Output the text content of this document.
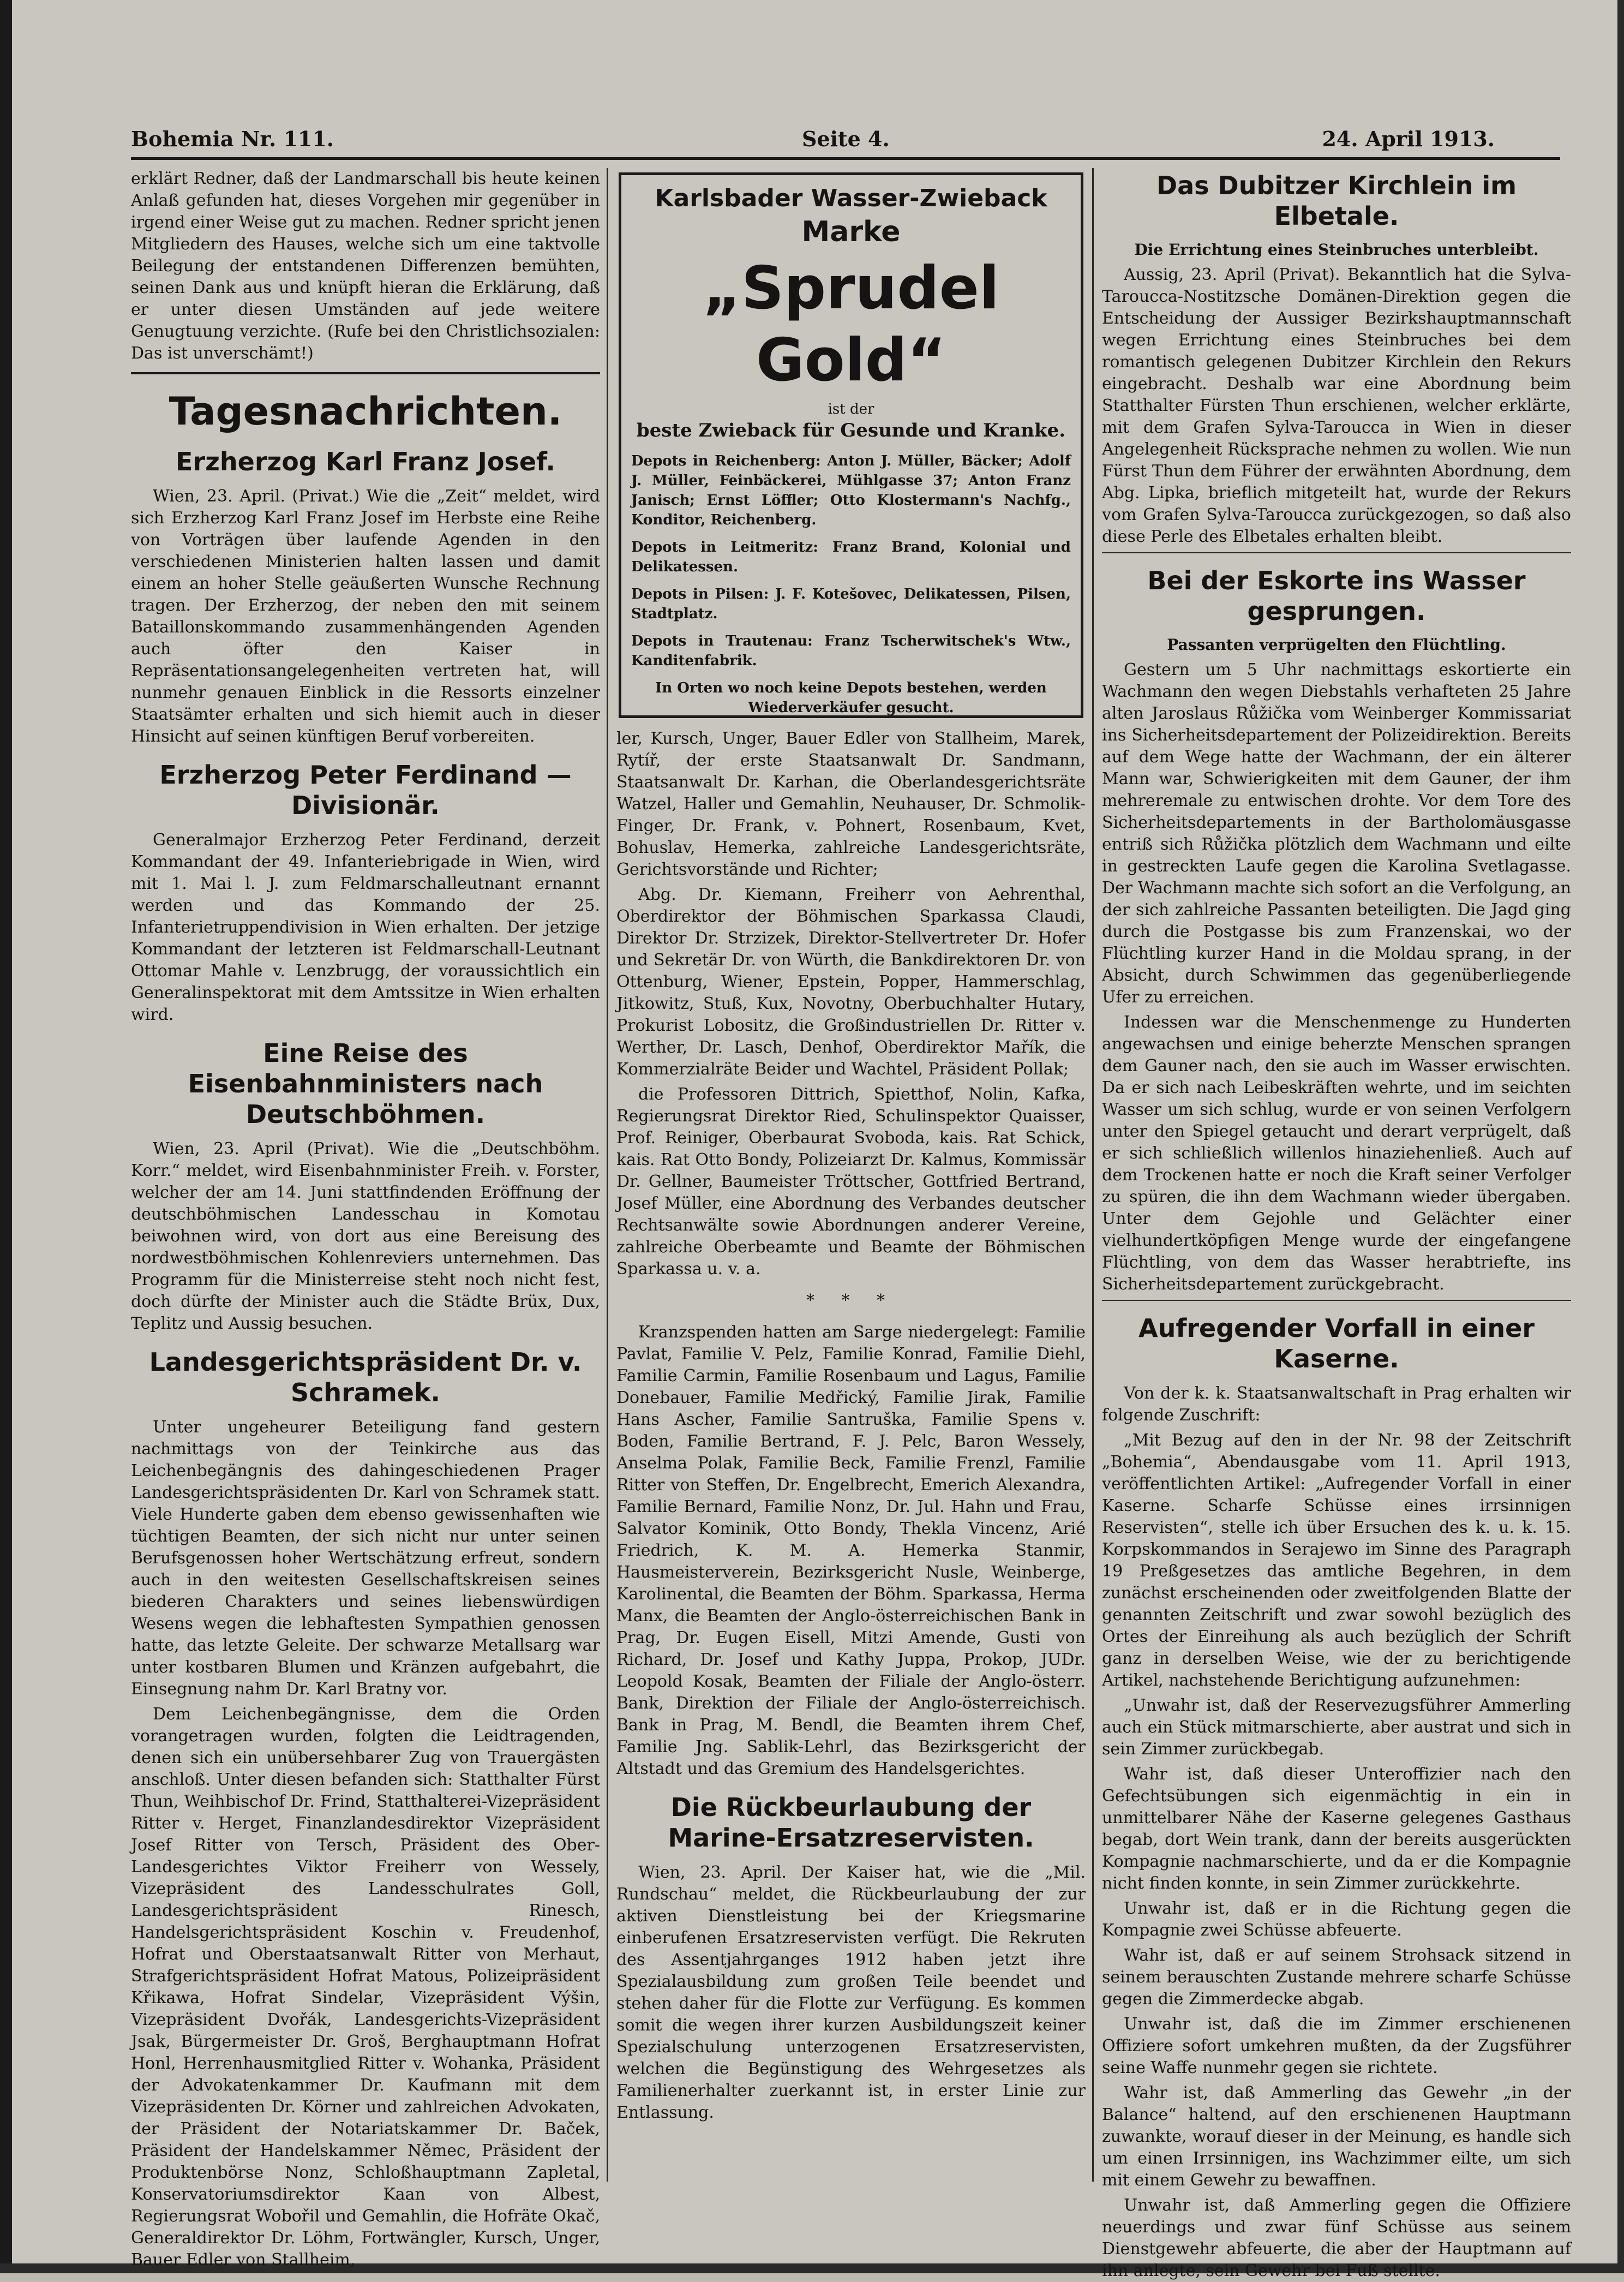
Bohemia Nr. 111.	Seite 4.	24. April 1913.

erklärt Redner, daß der Landmarschall bis heute keinen Anlaß gefunden hat, dieses Vorgehen mir gegenüber in irgend einer Weise gut zu machen. Redner spricht jenen Mitgliedern des Hauses, welche sich um eine taktvolle Beilegung der entstandenen Differenzen bemühten, seinen Dank aus und knüpft hieran die Erklärung, daß er unter diesen Umständen auf jede weitere Genugtuung verzichte. (Rufe bei den Christlichsozialen: Das ist unverschämt!)

Tagesnachrichten.
Erzherzog Karl Franz Josef.

Wien, 23. April. (Privat.) Wie die „Zeit“ meldet, wird sich Erzherzog Karl Franz Josef im Herbste eine Reihe von Vorträgen über laufende Agenden in den verschiedenen Ministerien halten lassen und damit einem an hoher Stelle geäußerten Wunsche Rechnung tragen. Der Erzherzog, der neben den mit seinem Bataillonskommando zusammenhängenden Agenden auch öfter den Kaiser in Repräsentationsangelegenheiten vertreten hat, will nunmehr genauen Einblick in die Ressorts einzelner Staatsämter erhalten und sich hiemit auch in dieser Hinsicht auf seinen künftigen Beruf vorbereiten.

Erzherzog Peter Ferdinand — Divisionär.

Generalmajor Erzherzog Peter Ferdinand, derzeit Kommandant der 49. Infanteriebrigade in Wien, wird mit 1. Mai l. J. zum Feldmarschalleutnant ernannt werden und das Kommando der 25. Infanterietruppendivision in Wien erhalten. Der jetzige Kommandant der letzteren ist Feldmarschall-Leutnant Ottomar Mahle v. Lenzbrugg, der voraussichtlich ein Generalinspektorat mit dem Amtssitze in Wien erhalten wird.

Eine Reise des Eisenbahnministers nach Deutschböhmen.

Wien, 23. April (Privat). Wie die „Deutschböhm. Korr.“ meldet, wird Eisenbahnminister Freih. v. Forster, welcher der am 14. Juni stattfindenden Eröffnung der deutschböhmischen Landesschau in Komotau beiwohnen wird, von dort aus eine Bereisung des nordwestböhmischen Kohlenreviers unternehmen. Das Programm für die Ministerreise steht noch nicht fest, doch dürfte der Minister auch die Städte Brüx, Dux, Teplitz und Aussig besuchen.

Landesgerichtspräsident Dr. v. Schramek.

Unter ungeheurer Beteiligung fand gestern nachmittags von der Teinkirche aus das Leichenbegängnis des dahingeschiedenen Prager Landesgerichtspräsidenten Dr. Karl von Schramek statt. Viele Hunderte gaben dem ebenso gewissenhaften wie tüchtigen Beamten, der sich nicht nur unter seinen Berufsgenossen hoher Wertschätzung erfreut, sondern auch in den weitesten Gesellschaftskreisen seines biederen Charakters und seines liebenswürdigen Wesens wegen die lebhaftesten Sympathien genossen hatte, das letzte Geleite. Der schwarze Metallsarg war unter kostbaren Blumen und Kränzen aufgebahrt, die Einsegnung nahm Dr. Karl Bratny vor.

Dem Leichenbegängnisse, dem die Orden vorangetragen wurden, folgten die Leidtragenden, denen sich ein unübersehbarer Zug von Trauergästen anschloß. Unter diesen befanden sich: Statthalter Fürst Thun, Weihbischof Dr. Frind, Statthalterei-Vizepräsident Ritter v. Herget, Finanzlandesdirektor Vizepräsident Josef Ritter von Tersch, Präsident des Ober-Landesgerichtes Viktor Freiherr von Wessely, Vizepräsident des Landesschulrates Goll, Landesgerichtspräsident Rinesch, Handelsgerichtspräsident Koschin v. Freudenhof, Hofrat und Oberstaatsanwalt Ritter von Merhaut, Strafgerichtspräsident Hofrat Matous, Polizeipräsident Křikawa, Hofrat Sindelar, Vizepräsident Výšin, Vizepräsident Dvořák, Landesgerichts-Vizepräsident Jsak, Bürgermeister Dr. Groš, Berghauptmann Hofrat Honl, Herrenhausmitglied Ritter v. Wohanka, Präsident der Advokatenkammer Dr. Kaufmann mit dem Vizepräsidenten Dr. Körner und zahlreichen Advokaten, der Präsident der Notariatskammer Dr. Baček, Präsident der Handelskammer Němec, Präsident der Produktenbörse Nonz, Schloßhauptmann Zapletal, Konservatoriumsdirektor Kaan von Albest, Regierungsrat Wobořil und Gemahlin, die Hofräte Okač, Generaldirektor Dr. Löhm, Fortwängler, Kursch, Unger, Bauer Edler von Stallheim,

Karlsbader Wasser-Zwieback
Marke
„Sprudel Gold“
ist der
beste Zwieback für Gesunde und Kranke.

Depots in Reichenberg: Anton J. Müller, Bäcker; Adolf J. Müller, Feinbäckerei, Mühlgasse 37; Anton Franz Janisch; Ernst Löffler; Otto Klostermann's Nachfg., Konditor, Reichenberg.

Depots in Leitmeritz: Franz Brand, Kolonial und Delikatessen.

Depots in Pilsen: J. F. Kotešovec, Delikatessen, Pilsen, Stadtplatz.

Depots in Trautenau: Franz Tscherwitschek's Wtw., Kanditenfabrik.

In Orten wo noch keine Depots bestehen, werden Wiederverkäufer gesucht.

ler, Kursch, Unger, Bauer Edler von Stallheim, Marek, Rytíř, der erste Staatsanwalt Dr. Sandmann, Staatsanwalt Dr. Karhan, die Oberlandesgerichtsräte Watzel, Haller und Gemahlin, Neuhauser, Dr. Schmolik-Finger, Dr. Frank, v. Pohnert, Rosenbaum, Kvet, Bohuslav, Hemerka, zahlreiche Landesgerichtsräte, Gerichtsvorstände und Richter;

Abg. Dr. Kiemann, Freiherr von Aehrenthal, Oberdirektor der Böhmischen Sparkassa Claudi, Direktor Dr. Strzizek, Direktor-Stellvertreter Dr. Hofer und Sekretär Dr. von Würth, die Bankdirektoren Dr. von Ottenburg, Wiener, Epstein, Popper, Hammerschlag, Jitkowitz, Stuß, Kux, Novotny, Oberbuchhalter Hutary, Prokurist Lobositz, die Großindustriellen Dr. Ritter v. Werther, Dr. Lasch, Denhof, Oberdirektor Mařík, die Kommerzialräte Beider und Wachtel, Präsident Pollak;

die Professoren Dittrich, Spietthof, Nolin, Kafka, Regierungsrat Direktor Ried, Schulinspektor Quaisser, Prof. Reiniger, Oberbaurat Svoboda, kais. Rat Schick, kais. Rat Otto Bondy, Polizeiarzt Dr. Kalmus, Kommissär Dr. Gellner, Baumeister Tröttscher, Gottfried Bertrand, Josef Müller, eine Abordnung des Verbandes deutscher Rechtsanwälte sowie Abordnungen anderer Vereine, zahlreiche Oberbeamte und Beamte der Böhmischen Sparkassa u. v. a.

* * *

Kranzspenden hatten am Sarge niedergelegt: Familie Pavlat, Familie V. Pelz, Familie Konrad, Familie Diehl, Familie Carmin, Familie Rosenbaum und Lagus, Familie Donebauer, Familie Medřický, Familie Jirak, Familie Hans Ascher, Familie Santruška, Familie Spens v. Boden, Familie Bertrand, F. J. Pelc, Baron Wessely, Anselma Polak, Familie Beck, Familie Frenzl, Familie Ritter von Steffen, Dr. Engelbrecht, Emerich Alexandra, Familie Bernard, Familie Nonz, Dr. Jul. Hahn und Frau, Salvator Kominik, Otto Bondy, Thekla Vincenz, Arié Friedrich, K. M. A. Hemerka Stanmir, Hausmeisterverein, Bezirksgericht Nusle, Weinberge, Karolinental, die Beamten der Böhm. Sparkassa, Herma Manx, die Beamten der Anglo-österreichischen Bank in Prag, Dr. Eugen Eisell, Mitzi Amende, Gusti von Richard, Dr. Josef und Kathy Juppa, Prokop, JUDr. Leopold Kosak, Beamten der Filiale der Anglo-österr. Bank, Direktion der Filiale der Anglo-österreichisch. Bank in Prag, M. Bendl, die Beamten ihrem Chef, Familie Jng. Sablik-Lehrl, das Bezirksgericht der Altstadt und das Gremium des Handelsgerichtes.

Die Rückbeurlaubung der Marine-Ersatzreservisten.

Wien, 23. April. Der Kaiser hat, wie die „Mil. Rundschau“ meldet, die Rückbeurlaubung der zur aktiven Dienstleistung bei der Kriegsmarine einberufenen Ersatzreservisten verfügt. Die Rekruten des Assentjahrganges 1912 haben jetzt ihre Spezialausbildung zum großen Teile beendet und stehen daher für die Flotte zur Verfügung. Es kommen somit die wegen ihrer kurzen Ausbildungszeit keiner Spezialschulung unterzogenen Ersatzreservisten, welchen die Begünstigung des Wehrgesetzes als Familienerhalter zuerkannt ist, in erster Linie zur Entlassung.

Das Dubitzer Kirchlein im Elbetale.
Die Errichtung eines Steinbruches unterbleibt.

Aussig, 23. April (Privat). Bekanntlich hat die Sylva-Taroucca-Nostitzsche Domänen-Direktion gegen die Entscheidung der Aussiger Bezirkshauptmannschaft wegen Errichtung eines Steinbruches bei dem romantisch gelegenen Dubitzer Kirchlein den Rekurs eingebracht. Deshalb war eine Abordnung beim Statthalter Fürsten Thun erschienen, welcher erklärte, mit dem Grafen Sylva-Taroucca in Wien in dieser Angelegenheit Rücksprache nehmen zu wollen. Wie nun Fürst Thun dem Führer der erwähnten Abordnung, dem Abg. Lipka, brieflich mitgeteilt hat, wurde der Rekurs vom Grafen Sylva-Taroucca zurückgezogen, so daß also diese Perle des Elbetales erhalten bleibt.

Bei der Eskorte ins Wasser gesprungen.
Passanten verprügelten den Flüchtling.

Gestern um 5 Uhr nachmittags eskortierte ein Wachmann den wegen Diebstahls verhafteten 25 Jahre alten Jaroslaus Růžička vom Weinberger Kommissariat ins Sicherheitsdepartement der Polizeidirektion. Bereits auf dem Wege hatte der Wachmann, der ein älterer Mann war, Schwierigkeiten mit dem Gauner, der ihm mehreremale zu entwischen drohte. Vor dem Tore des Sicherheitsdepartements in der Bartholomäusgasse entriß sich Růžička plötzlich dem Wachmann und eilte in gestreckten Laufe gegen die Karolina Svetlagasse. Der Wachmann machte sich sofort an die Verfolgung, an der sich zahlreiche Passanten beteiligten. Die Jagd ging durch die Postgasse bis zum Franzenskai, wo der Flüchtling kurzer Hand in die Moldau sprang, in der Absicht, durch Schwimmen das gegenüberliegende Ufer zu erreichen.

Indessen war die Menschenmenge zu Hunderten angewachsen und einige beherzte Menschen sprangen dem Gauner nach, den sie auch im Wasser erwischten. Da er sich nach Leibeskräften wehrte, und im seichten Wasser um sich schlug, wurde er von seinen Verfolgern unter den Spiegel getaucht und derart verprügelt, daß er sich schließlich willenlos hinaziehenließ. Auch auf dem Trockenen hatte er noch die Kraft seiner Verfolger zu spüren, die ihn dem Wachmann wieder übergaben. Unter dem Gejohle und Gelächter einer vielhundertköpfigen Menge wurde der eingefangene Flüchtling, von dem das Wasser herabtriefte, ins Sicherheitsdepartement zurückgebracht.

Aufregender Vorfall in einer Kaserne.

Von der k. k. Staatsanwaltschaft in Prag erhalten wir folgende Zuschrift:

„Mit Bezug auf den in der Nr. 98 der Zeitschrift „Bohemia“, Abendausgabe vom 11. April 1913, veröffentlichten Artikel: „Aufregender Vorfall in einer Kaserne. Scharfe Schüsse eines irrsinnigen Reservisten“, stelle ich über Ersuchen des k. u. k. 15. Korpskommandos in Serajewo im Sinne des Paragraph 19 Preßgesetzes das amtliche Begehren, in dem zunächst erscheinenden oder zweitfolgenden Blatte der genannten Zeitschrift und zwar sowohl bezüglich des Ortes der Einreihung als auch bezüglich der Schrift ganz in derselben Weise, wie der zu berichtigende Artikel, nachstehende Berichtigung aufzunehmen:

„Unwahr ist, daß der Reservezugsführer Ammerling auch ein Stück mitmarschierte, aber austrat und sich in sein Zimmer zurückbegab.

Wahr ist, daß dieser Unteroffizier nach den Gefechtsübungen sich eigenmächtig in ein in unmittelbarer Nähe der Kaserne gelegenes Gasthaus begab, dort Wein trank, dann der bereits ausgerückten Kompagnie nachmarschierte, und da er die Kompagnie nicht finden konnte, in sein Zimmer zurückkehrte.

Unwahr ist, daß er in die Richtung gegen die Kompagnie zwei Schüsse abfeuerte.

Wahr ist, daß er auf seinem Strohsack sitzend in seinem berauschten Zustande mehrere scharfe Schüsse gegen die Zimmerdecke abgab.

Unwahr ist, daß die im Zimmer erschienenen Offiziere sofort umkehren mußten, da der Zugsführer seine Waffe nunmehr gegen sie richtete.

Wahr ist, daß Ammerling das Gewehr „in der Balance“ haltend, auf den erschienenen Hauptmann zuwankte, worauf dieser in der Meinung, es handle sich um einen Irrsinnigen, ins Wachzimmer eilte, um sich mit einem Gewehr zu bewaffnen.

Unwahr ist, daß Ammerling gegen die Offiziere neuerdings und zwar fünf Schüsse aus seinem Dienstgewehr abfeuerte, die aber der Hauptmann auf ihn anlegte, sein Gewehr bei Fuß stellte.
